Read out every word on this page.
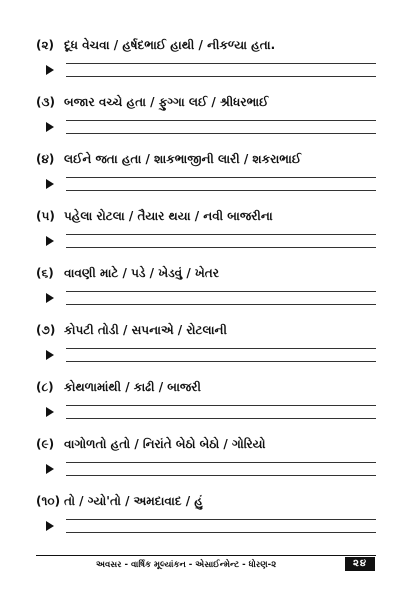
(૨) દૂધ વેચવા / હર્ષદભાઈ હાથી / નીકળ્યા હતા.
(૩) બજાર વચ્ચે હતા / ફુગ્ગા લઈ / શ્રીધરભાઈ
(૪) લઈને જતા હતા / શાકભાજીની લારી / શકરાભાઈ
(૫) પહેલા રોટલા / તૈયાર થયા / નવી બાજરીના
(૬) વાવણી માટે / પડે / ખેડવું / ખેતર
(૭) કોપટી તોડી / સપનાએ / રોટલાની
(૮) કોથળામાંથી / કાઢી / બાજરી
(૯) વાગોળતો હતો / નિરાંતે બેઠો બેઠો / ગોરિયો
(૧૦) તો / ગ્યો'તો / અમદાવાદ / હું
અવસર - વાર્ષિક મૂલ્યાંકન - એસાઈન્મેન્ટ - ધોરણ-૨	૨૪
